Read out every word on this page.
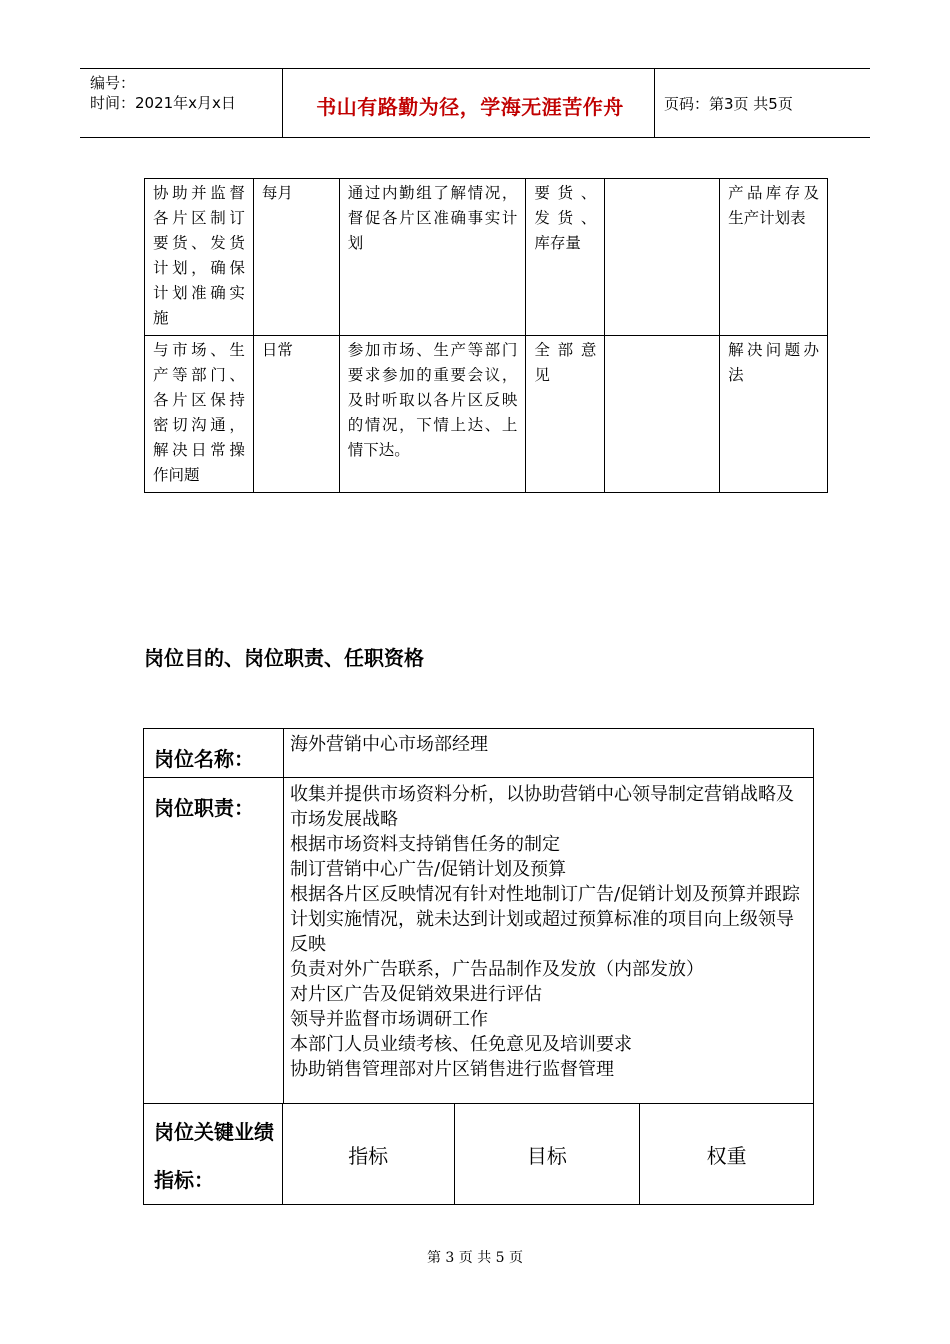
编号：
时间：2021年x月x日	书山有路勤为径，学海无涯苦作舟	页码：第3页 共5页
协助并监督各片区制订要货、发货计划，确保计划准确实施	每月	通过内勤组了解情况，督促各片区准确事实计划	要货、发货、库存量		产品库存及生产计划表
与市场、生产等部门、各片区保持密切沟通，解决日常操作问题	日常	参加市场、生产等部门要求参加的重要会议，及时听取以各片区反映的情况，下情上达、上情下达。	全部意见		解决问题办法
岗位目的、岗位职责、任职资格
岗位名称：
海外营销中心市场部经理

岗位职责：
收集并提供市场资料分析，以协助营销中心领导制定营销战略及市场发展战略
根据市场资料支持销售任务的制定
制订营销中心广告/促销计划及预算
根据各片区反映情况有针对性地制订广告/促销计划及预算并跟踪计划实施情况，就未达到计划或超过预算标准的项目向上级领导反映
负责对外广告联系，广告品制作及发放（内部发放）
对片区广告及促销效果进行评估
领导并监督市场调研工作
本部门人员业绩考核、任免意见及培训要求
协助销售管理部对片区销售进行监督管理

岗位关键业绩指标：
	指标	目标	权重
第 3 页 共 5 页
